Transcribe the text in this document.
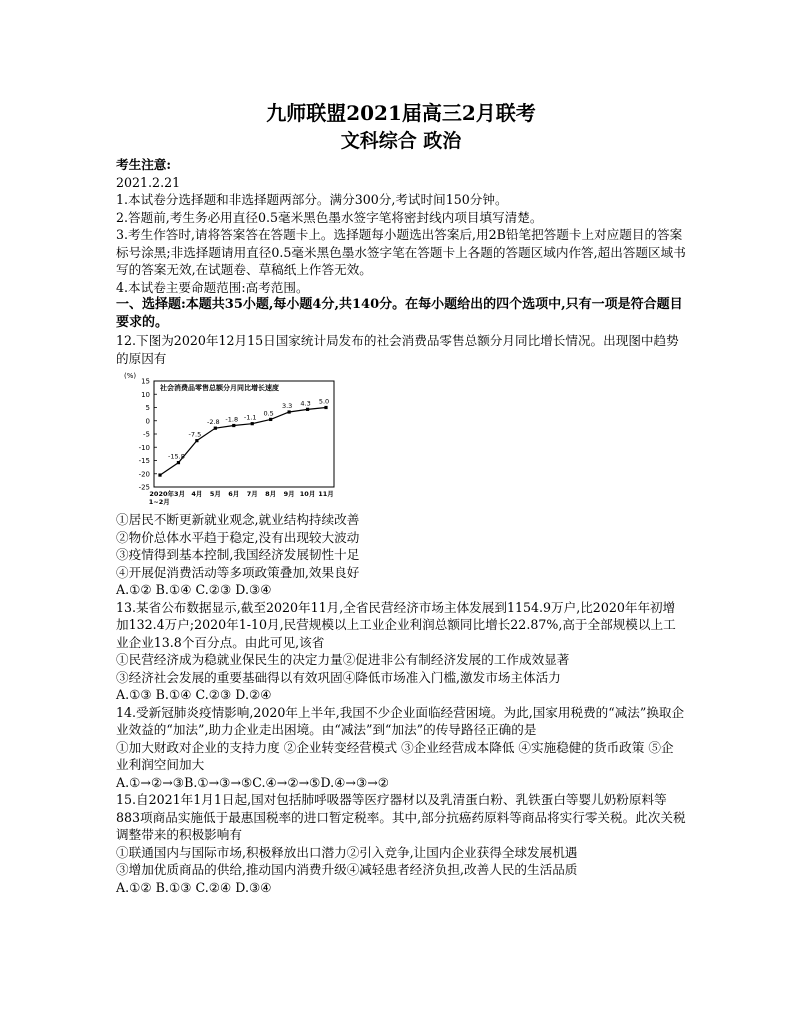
九师联盟2021届高三2月联考

文科综合 政治

考生注意:

2021.2.21

1.本试卷分选择题和非选择题两部分。满分300分,考试时间150分钟。

2.答题前,考生务必用直径0.5毫米黑色墨水签字笔将密封线内项目填写清楚。

3.考生作答时,请将答案答在答题卡上。选择题每小题选出答案后,用2B铅笔把答题卡上对应题目的答案标号涂黑;非选择题请用直径0.5毫米黑色墨水签字笔在答题卡上各题的答题区域内作答,超出答题区域书写的答案无效,在试题卷、草稿纸上作答无效。

4.本试卷主要命题范围:高考范围。

一、选择题:本题共35小题,每小题4分,共140分。在每小题给出的四个选项中,只有一项是符合题目要求的。

12.下图为2020年12月15日国家统计局发布的社会消费品零售总额分月同比增长情况。出现图中趋势的原因有

社会消费品零售总额分月同比增长速度
(%)
15
10
5
0
-5
-10
-15
-20
-25
2020年3月
1~2月
4月 5月 6月 7月 8月 9月 10月 11月
-15.8
-7.5
-2.8 -1.8 -1.1
0.5
3.3 4.3 5.0

①居民不断更新就业观念,就业结构持续改善

②物价总体水平趋于稳定,没有出现较大波动

③疫情得到基本控制,我国经济发展韧性十足

④开展促消费活动等多项政策叠加,效果良好

A.①② B.①④ C.②③ D.③④

13.某省公布数据显示,截至2020年11月,全省民营经济市场主体发展到1154.9万户,比2020年年初增加132.4万户;2020年1-10月,民营规模以上工业企业利润总额同比增长22.87%,高于全部规模以上工业企业13.8个百分点。由此可见,该省

①民营经济成为稳就业保民生的决定力量②促进非公有制经济发展的工作成效显著

③经济社会发展的重要基础得以有效巩固④降低市场准入门槛,激发市场主体活力

A.①③ B.①④ C.②③ D.②④

14.受新冠肺炎疫情影响,2020年上半年,我国不少企业面临经营困境。为此,国家用税费的“减法”换取企业效益的“加法”,助力企业走出困境。由“减法”到“加法”的传导路径正确的是

①加大财政对企业的支持力度 ②企业转变经营模式 ③企业经营成本降低 ④实施稳健的货币政策 ⑤企业利润空间加大

A.①→②→③B.①→③→⑤C.④→②→⑤D.④→③→②

15.自2021年1月1日起,国对包括肺呼吸器等医疗器材以及乳清蛋白粉、乳铁蛋白等婴儿奶粉原料等883项商品实施低于最惠国税率的进口暂定税率。其中,部分抗癌药原料等商品将实行零关税。此次关税调整带来的积极影响有

①联通国内与国际市场,积极释放出口潜力②引入竞争,让国内企业获得全球发展机遇

③增加优质商品的供给,推动国内消费升级④减轻患者经济负担,改善人民的生活品质

A.①② B.①③ C.②④ D.③④
